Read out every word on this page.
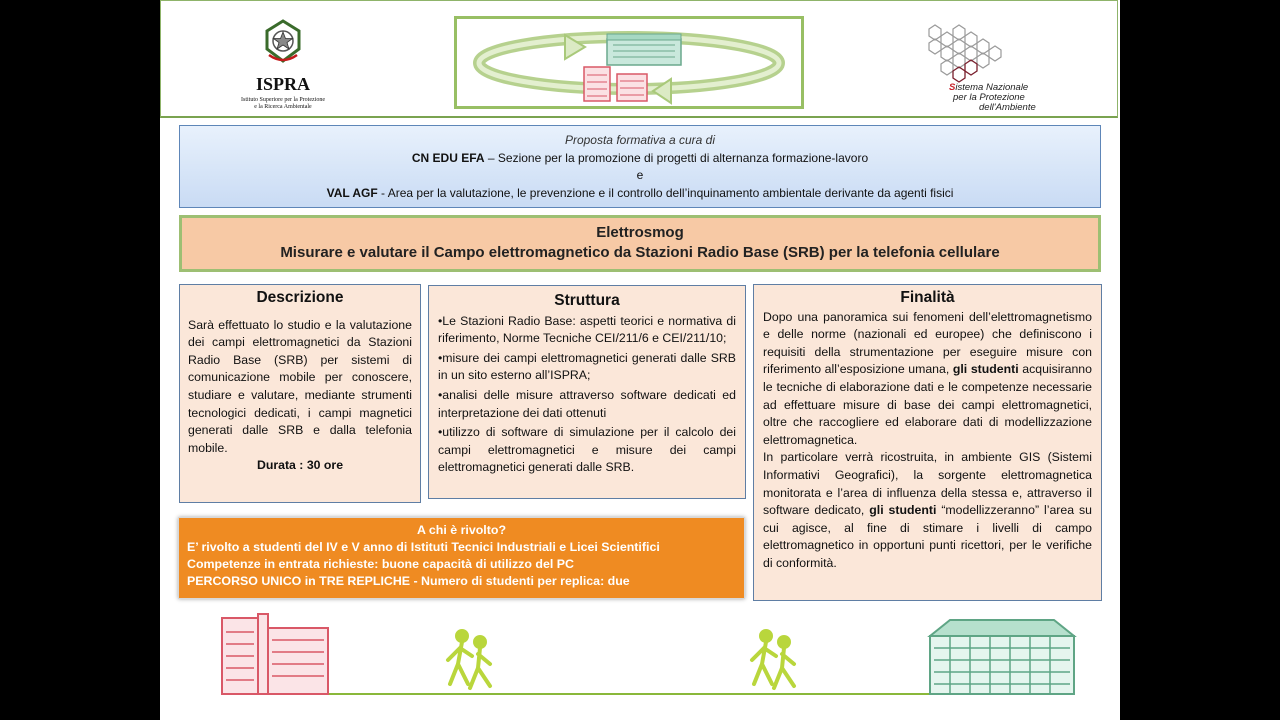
ISPRA
Istituto Superiore per la Protezione
e la Ricerca Ambientale
Sistema Nazionale
per la Protezione
dell'Ambiente
Proposta formativa a cura di
CN EDU EFA – Sezione per la promozione di progetti di alternanza formazione-lavoro
e
VAL AGF - Area per la valutazione, le prevenzione e il controllo dell’inquinamento ambientale derivante da agenti fisici
Elettrosmog
Misurare e valutare il Campo elettromagnetico da Stazioni Radio Base (SRB) per la telefonia cellulare
Descrizione
Sarà effettuato lo studio e la valutazione dei campi elettromagnetici da Stazioni Radio Base (SRB) per sistemi di comunicazione mobile per conoscere, studiare e valutare, mediante strumenti tecnologici dedicati, i campi magnetici generati dalle SRB e dalla telefonia mobile.
Durata : 30 ore
Struttura

•Le Stazioni Radio Base: aspetti teorici e normativa di riferimento, Norme Tecniche CEI/211/6 e CEI/211/10;

•misure dei campi elettromagnetici generati dalle SRB in un sito esterno all’ISPRA;

•analisi delle misure attraverso software dedicati ed interpretazione dei dati ottenuti

•utilizzo di software di simulazione per il calcolo dei campi elettromagnetici e misure dei campi elettromagnetici generati dalle SRB.

Finalità

Dopo una panoramica sui fenomeni dell’elettromagnetismo e delle norme (nazionali ed europee) che definiscono i requisiti della strumentazione per eseguire misure con riferimento all’esposizione umana, gli studenti acquisiranno le tecniche di elaborazione dati e le competenze necessarie ad effettuare misure di base dei campi elettromagnetici, oltre che raccogliere ed elaborare dati di modellizzazione elettromagnetica.

In particolare verrà ricostruita, in ambiente GIS (Sistemi Informativi Geografici), la sorgente elettromagnetica monitorata e l’area di influenza della stessa e, attraverso il software dedicato, gli studenti “modellizzeranno” l’area su cui agisce, al fine di stimare i livelli di campo elettromagnetico in opportuni punti ricettori, per le verifiche di conformità.

A chi è rivolto?
E’ rivolto a studenti del IV e V anno di Istituti Tecnici Industriali e Licei Scientifici
Competenze in entrata richieste: buone capacità di utilizzo del PC
PERCORSO UNICO in TRE REPLICHE - Numero di studenti per replica: due
